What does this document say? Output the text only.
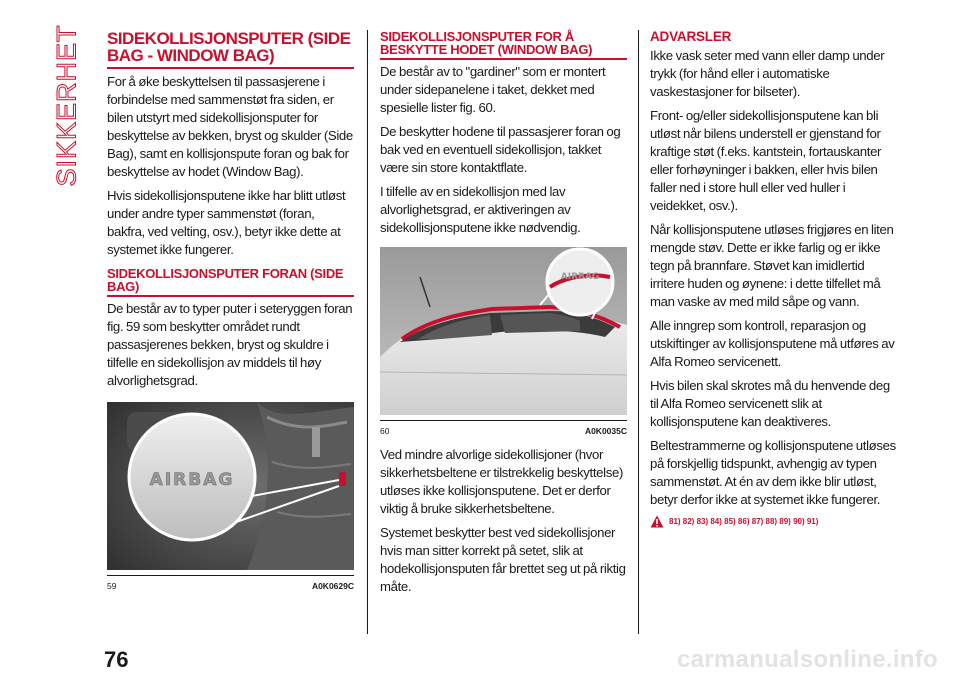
SIKKERHET SIDEKOLLISJONSPUTER (SIDE BAG - WINDOW BAG)

For å øke beskyttelsen til passasjerene i forbindelse med sammenstøt fra siden, er bilen utstyrt med sidekollisjonsputer for beskyttelse av bekken, bryst og skulder (Side Bag), samt en kollisjonspute foran og bak for beskyttelse av hodet (Window Bag).

Hvis sidekollisjonsputene ikke har blitt utløst under andre typer sammenstøt (foran, bakfra, ved velting, osv.), betyr ikke dette at systemet ikke fungerer.

SIDEKOLLISJONSPUTER FORAN (SIDE BAG)

De består av to typer puter i seteryggen foran fig. 59 som beskytter området rundt passasjerenes bekken, bryst og skuldre i tilfelle en sidekollisjon av middels til høy alvorlighetsgrad.

AIRBAG
59	A0K0629C
SIDEKOLLISJONSPUTER FOR Å BESKYTTE HODET (WINDOW BAG)

De består av to "gardiner" som er montert under sidepanelene i taket, dekket med spesielle lister fig. 60.

De beskytter hodene til passasjerer foran og bak ved en eventuell sidekollisjon, takket være sin store kontaktflate.

I tilfelle av en sidekollisjon med lav alvorlighetsgrad, er aktiveringen av sidekollisjonsputene ikke nødvendig.

AIRBAG
60	A0K0035C

Ved mindre alvorlige sidekollisjoner (hvor sikkerhetsbeltene er tilstrekkelig beskyttelse) utløses ikke kollisjonsputene. Det er derfor viktig å bruke sikkerhetsbeltene.

Systemet beskytter best ved sidekollisjoner hvis man sitter korrekt på setet, slik at hodekollisjonsputen får brettet seg ut på riktig måte.

ADVARSLER

Ikke vask seter med vann eller damp under trykk (for hånd eller i automatiske vaskestasjoner for bilseter).

Front- og/eller sidekollisjonsputene kan bli utløst når bilens understell er gjenstand for kraftige støt (f.eks. kantstein, fortauskanter eller forhøyninger i bakken, eller hvis bilen faller ned i store hull eller ved huller i veidekket, osv.).

Når kollisjonsputene utløses frigjøres en liten mengde støv. Dette er ikke farlig og er ikke tegn på brannfare. Støvet kan imidlertid irritere huden og øynene: i dette tilfellet må man vaske av med mild såpe og vann.

Alle inngrep som kontroll, reparasjon og utskiftinger av kollisjonsputene må utføres av Alfa Romeo servicenett.

Hvis bilen skal skrotes må du henvende deg til Alfa Romeo servicenett slik at kollisjonsputene kan deaktiveres.

Beltestrammerne og kollisjonsputene utløses på forskjellig tidspunkt, avhengig av typen sammenstøt. At én av dem ikke blir utløst, betyr derfor ikke at systemet ikke fungerer.

81) 82) 83) 84) 85) 86) 87) 88) 89) 90) 91)
76	carmanualsonline.info
